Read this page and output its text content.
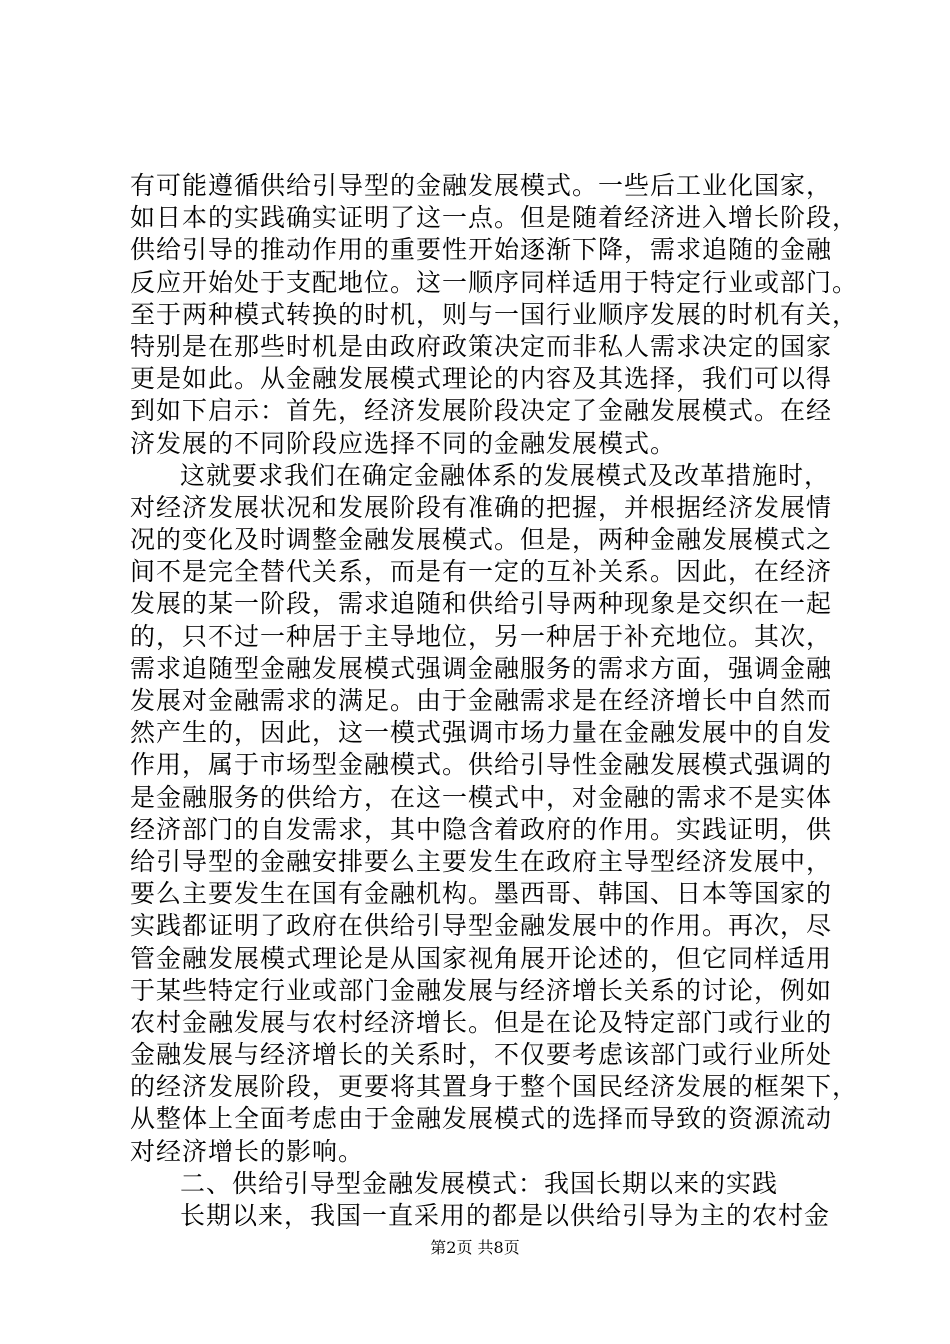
有可能遵循供给引导型的金融发展模式。一些后工业化国家，
如日本的实践确实证明了这一点。但是随着经济进入增长阶段，
供给引导的推动作用的重要性开始逐渐下降，需求追随的金融
反应开始处于支配地位。这一顺序同样适用于特定行业或部门。
至于两种模式转换的时机，则与一国行业顺序发展的时机有关，
特别是在那些时机是由政府政策决定而非私人需求决定的国家
更是如此。从金融发展模式理论的内容及其选择，我们可以得
到如下启示：首先，经济发展阶段决定了金融发展模式。在经
济发展的不同阶段应选择不同的金融发展模式。
这就要求我们在确定金融体系的发展模式及改革措施时，
对经济发展状况和发展阶段有准确的把握，并根据经济发展情
况的变化及时调整金融发展模式。但是，两种金融发展模式之
间不是完全替代关系，而是有一定的互补关系。因此，在经济
发展的某一阶段，需求追随和供给引导两种现象是交织在一起
的，只不过一种居于主导地位，另一种居于补充地位。其次，
需求追随型金融发展模式强调金融服务的需求方面，强调金融
发展对金融需求的满足。由于金融需求是在经济增长中自然而
然产生的，因此，这一模式强调市场力量在金融发展中的自发
作用，属于市场型金融模式。供给引导性金融发展模式强调的
是金融服务的供给方，在这一模式中，对金融的需求不是实体
经济部门的自发需求，其中隐含着政府的作用。实践证明，供
给引导型的金融安排要么主要发生在政府主导型经济发展中，
要么主要发生在国有金融机构。墨西哥、韩国、日本等国家的
实践都证明了政府在供给引导型金融发展中的作用。再次，尽
管金融发展模式理论是从国家视角展开论述的，但它同样适用
于某些特定行业或部门金融发展与经济增长关系的讨论，例如
农村金融发展与农村经济增长。但是在论及特定部门或行业的
金融发展与经济增长的关系时，不仅要考虑该部门或行业所处
的经济发展阶段，更要将其置身于整个国民经济发展的框架下，
从整体上全面考虑由于金融发展模式的选择而导致的资源流动
对经济增长的影响。
二、供给引导型金融发展模式：我国长期以来的实践
长期以来，我国一直采用的都是以供给引导为主的农村金
第2页 共8页
